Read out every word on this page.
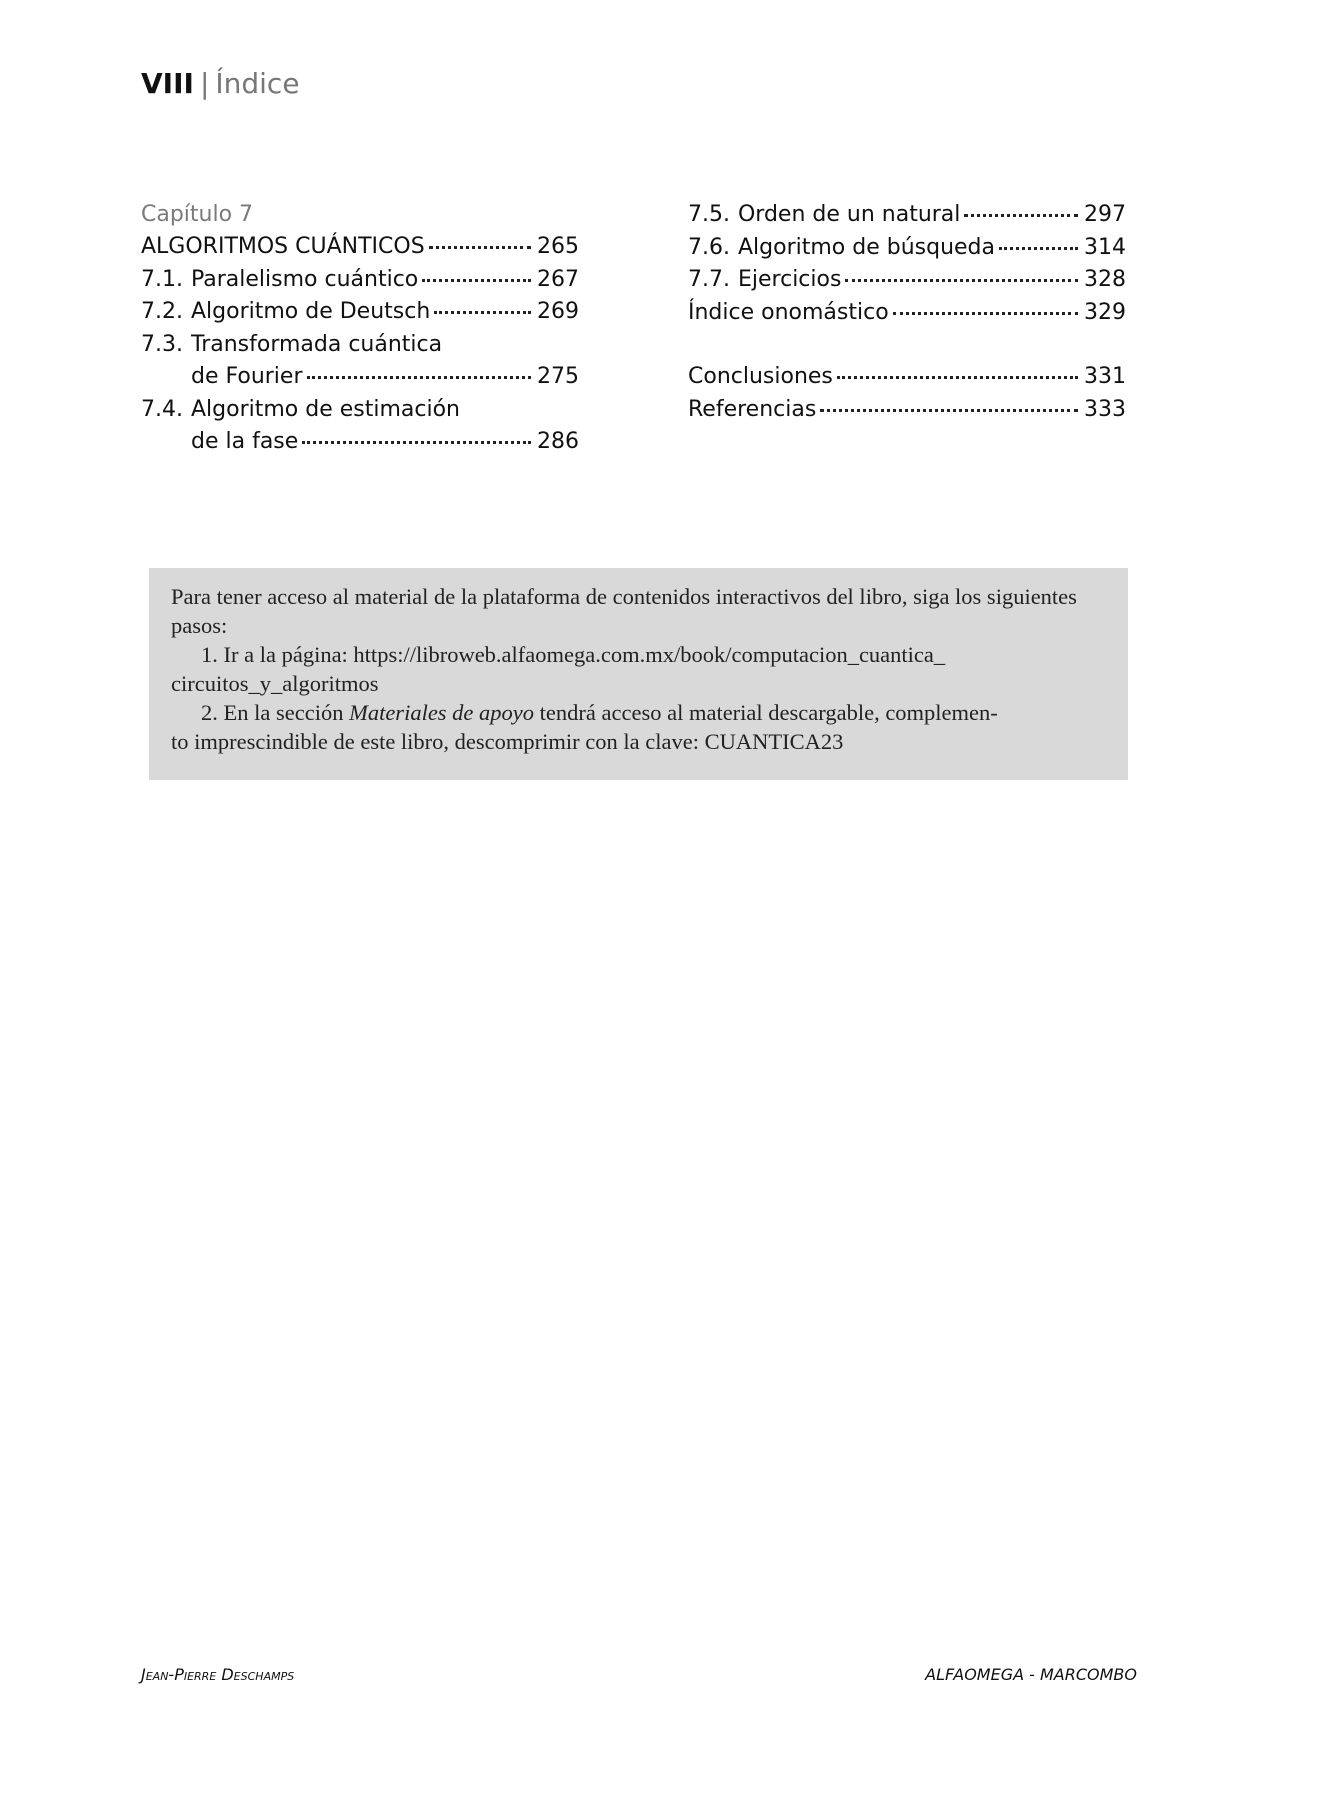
VIII | Índice
Capítulo 7
ALGORITMOS CUÁNTICOS	265
7.1. Paralelismo cuántico	267
7.2. Algoritmo de Deutsch	269
7.3. Transformada cuántica
de Fourier	275
7.4. Algoritmo de estimación
de la fase	286
7.5. Orden de un natural	297
7.6. Algoritmo de búsqueda	314
7.7. Ejercicios	328
Índice onomástico	329
Conclusiones	331
Referencias	333

Para tener acceso al material de la plataforma de contenidos interactivos del libro, siga los siguientes pasos:

1. Ir a la página: https://libroweb.alfaomega.com.mx/book/computacion_cuantica_

circuitos_y_algoritmos

2. En la sección Materiales de apoyo tendrá acceso al material descargable, complemen-

to imprescindible de este libro, descomprimir con la clave: CUANTICA23

Jean-Pierre Deschamps	ALFAOMEGA - MARCOMBO
